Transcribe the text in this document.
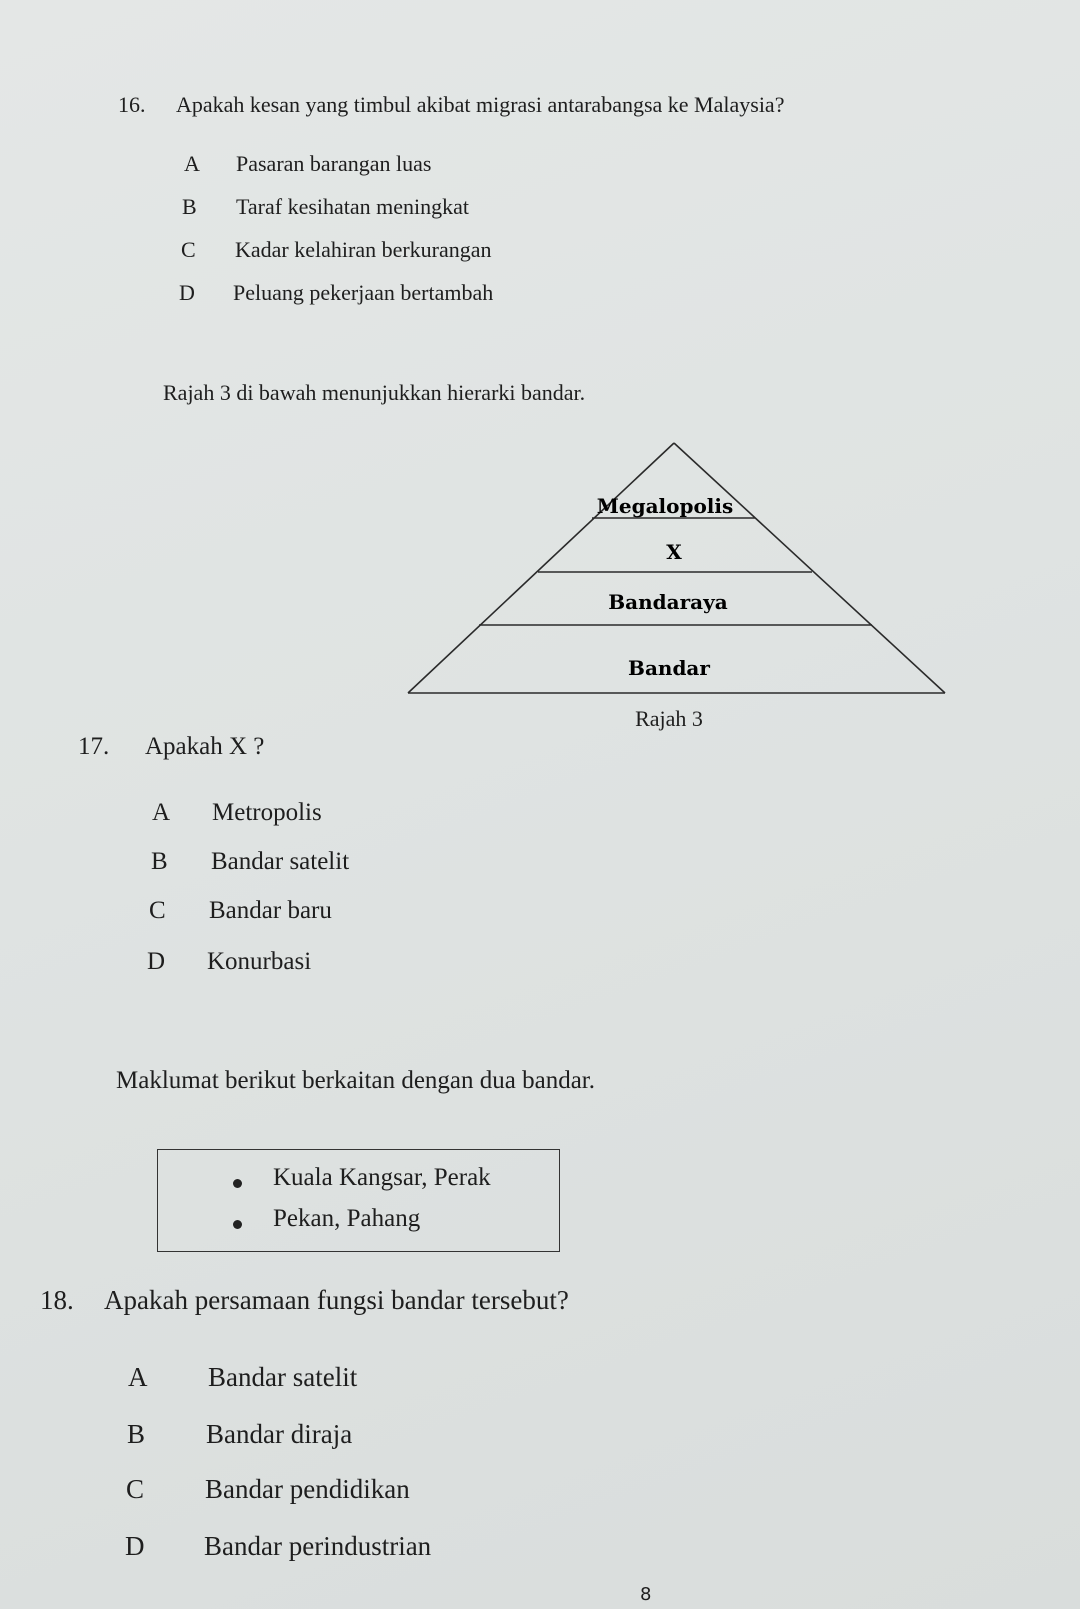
16. Apakah kesan yang timbul akibat migrasi antarabangsa ke Malaysia?
A Pasaran barangan luas
B Taraf kesihatan meningkat
C Kadar kelahiran berkurangan
D Peluang pekerjaan bertambah
Rajah 3 di bawah menunjukkan hierarki bandar.
Megalopolis
X
Bandaraya
Bandar
Rajah 3
17. Apakah X ?
A Metropolis
B Bandar satelit
C Bandar baru
D Konurbasi
Maklumat berikut berkaitan dengan dua bandar.
Kuala Kangsar, Perak
Pekan, Pahang
18. Apakah persamaan fungsi bandar tersebut?
A Bandar satelit
B Bandar diraja
C Bandar pendidikan
D Bandar perindustrian
8
